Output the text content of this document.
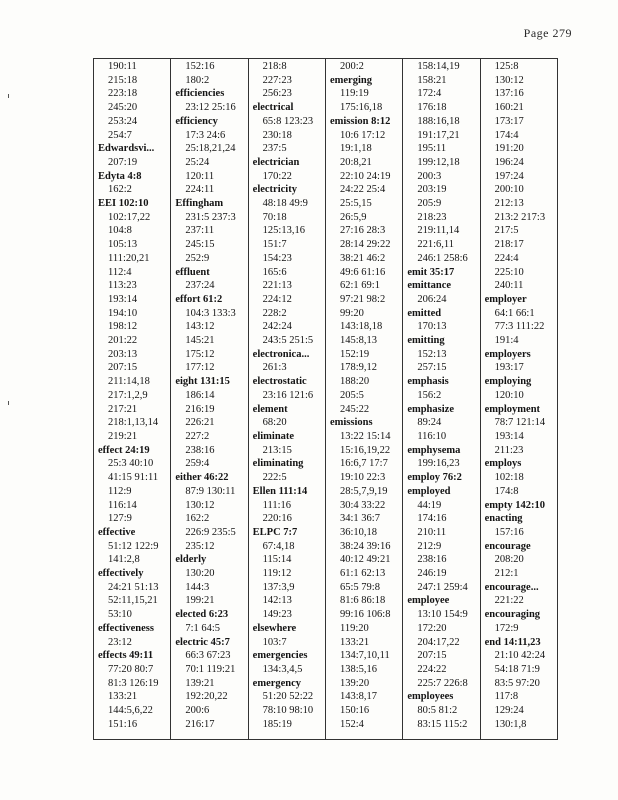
Page 279
190:11
215:18
223:18
245:20
253:24
254:7
Edwardsvi...
207:19
Edyta 4:8
162:2
EEI 102:10
102:17,22
104:8
105:13
111:20,21
112:4
113:23
193:14
194:10
198:12
201:22
203:13
207:15
211:14,18
217:1,2,9
217:21
218:1,13,14
219:21
effect 24:19
25:3 40:10
41:15 91:11
112:9
116:14
127:9
effective
51:12 122:9
141:2,8
effectively
24:21 51:13
52:11,15,21
53:10
effectiveness
23:12
effects 49:11
77:20 80:7
81:3 126:19
133:21
144:5,6,22
151:16
152:16
180:2
efficiencies
23:12 25:16
efficiency
17:3 24:6
25:18,21,24
25:24
120:11
224:11
Effingham
231:5 237:3
237:11
245:15
252:9
effluent
237:24
effort 61:2
104:3 133:3
143:12
145:21
175:12
177:12
eight 131:15
186:14
216:19
226:21
227:2
238:16
259:4
either 46:22
87:9 130:11
130:12
162:2
226:9 235:5
235:12
elderly
130:20
144:3
199:21
elected 6:23
7:1 64:5
electric 45:7
66:3 67:23
70:1 119:21
139:21
192:20,22
200:6
216:17
218:8
227:23
256:23
electrical
65:8 123:23
230:18
237:5
electrician
170:22
electricity
48:18 49:9
70:18
125:13,16
151:7
154:23
165:6
221:13
224:12
228:2
242:24
243:5 251:5
electronica...
261:3
electrostatic
23:16 121:6
element
68:20
eliminate
213:15
eliminating
222:5
Ellen 111:14
111:16
220:16
ELPC 7:7
67:4,18
115:14
119:12
137:3,9
142:13
149:23
elsewhere
103:7
emergencies
134:3,4,5
emergency
51:20 52:22
78:10 98:10
185:19
200:2
emerging
119:19
175:16,18
emission 8:12
10:6 17:12
19:1,18
20:8,21
22:10 24:19
24:22 25:4
25:5,15
26:5,9
27:16 28:3
28:14 29:22
38:21 46:2
49:6 61:16
62:1 69:1
97:21 98:2
99:20
143:18,18
145:8,13
152:19
178:9,12
188:20
205:5
245:22
emissions
13:22 15:14
15:16,19,22
16:6,7 17:7
19:10 22:3
28:5,7,9,19
30:4 33:22
34:1 36:7
36:10,18
38:24 39:16
40:12 49:21
61:1 62:13
65:5 79:8
81:6 86:18
99:16 106:8
119:20
133:21
134:7,10,11
138:5,16
139:20
143:8,17
150:16
152:4
158:14,19
158:21
172:4
176:18
188:16,18
191:17,21
195:11
199:12,18
200:3
203:19
205:9
218:23
219:11,14
221:6,11
246:1 258:6
emit 35:17
emittance
206:24
emitted
170:13
emitting
152:13
257:15
emphasis
156:2
emphasize
89:24
116:10
emphysema
199:16,23
employ 76:2
employed
44:19
174:16
210:11
212:9
238:16
246:19
247:1 259:4
employee
13:10 154:9
172:20
204:17,22
207:15
224:22
225:7 226:8
employees
80:5 81:2
83:15 115:2
125:8
130:12
137:16
160:21
173:17
174:4
191:20
196:24
197:24
200:10
212:13
213:2 217:3
217:5
218:17
224:4
225:10
240:11
employer
64:1 66:1
77:3 111:22
191:4
employers
193:17
employing
120:10
employment
78:7 121:14
193:14
211:23
employs
102:18
174:8
empty 142:10
enacting
157:16
encourage
208:20
212:1
encourage...
221:22
encouraging
172:9
end 14:11,23
21:10 42:24
54:18 71:9
83:5 97:20
117:8
129:24
130:1,8
